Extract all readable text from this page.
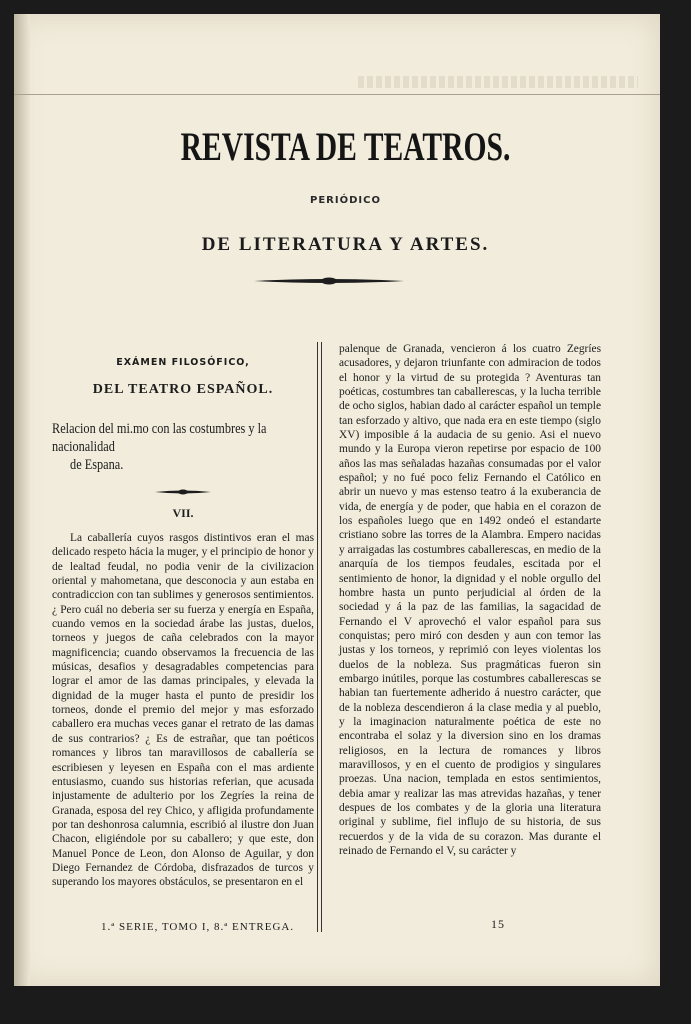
REVISTA DE TEATROS.
PERIÓDICO
DE LITERATURA Y ARTES.
EXÁMEN FILOSÓFICO,
DEL TEATRO ESPAÑOL.
Relacion del mi.mo con las costumbres y la nacionalidad
de Espana.
VII.

La caballería cuyos rasgos distintivos eran el mas delicado respeto hácia la muger, y el principio de honor y de lealtad feudal, no podia venir de la civilizacion oriental y mahometana, que desconocia y aun estaba en contradiccion con tan sublimes y generosos sentimientos. ¿ Pero cuál no deberia ser su fuerza y energía en España, cuando vemos en la sociedad árabe las justas, duelos, torneos y juegos de caña celebrados con la mayor magnificencia; cuando observamos la frecuencia de las músicas, desafios y desagradables competencias para lograr el amor de las damas principales, y elevada la dignidad de la muger hasta el punto de presidir los torneos, donde el premio del mejor y mas esforzado caballero era muchas veces ganar el retrato de las damas de sus contrarios? ¿ Es de estrañar, que tan poéticos romances y libros tan maravillosos de caballería se escribiesen y leyesen en España con el mas ardiente entusiasmo, cuando sus historias referian, que acusada injustamente de adulterio por los Zegríes la reina de Granada, esposa del rey Chico, y afligida profundamente por tan deshonrosa calumnia, escribió al ilustre don Juan Chacon, eligiéndole por su caballero; y que este, don Manuel Ponce de Leon, don Alonso de Aguilar, y don Diego Fernandez de Córdoba, disfrazados de turcos y superando los mayores obstáculos, se presentaron en el

palenque de Granada, vencieron á los cuatro Zegríes acusadores, y dejaron triunfante con admiracion de todos el honor y la virtud de su protegida ? Aventuras tan poéticas, costumbres tan caballerescas, y la lucha terrible de ocho siglos, habian dado al carácter español un temple tan esforzado y altivo, que nada era en este tiempo (siglo XV) imposible á la audacia de su genio. Asi el nuevo mundo y la Europa vieron repetirse por espacio de 100 años las mas señaladas hazañas consumadas por el valor español; y no fué poco feliz Fernando el Católico en abrir un nuevo y mas estenso teatro á la exuberancia de vida, de energía y de poder, que habia en el corazon de los españoles luego que en 1492 ondeó el estandarte cristiano sobre las torres de la Alambra. Empero nacidas y arraigadas las costumbres caballerescas, en medio de la anarquía de los tiempos feudales, escitada por el sentimiento de honor, la dignidad y el noble orgullo del hombre hasta un punto perjudicial al órden de la sociedad y á la paz de las familias, la sagacidad de Fernando el V aprovechó el valor español para sus conquistas; pero miró con desden y aun con temor las justas y los torneos, y reprimió con leyes violentas los duelos de la nobleza. Sus pragmáticas fueron sin embargo inútiles, porque las costumbres caballerescas se habian tan fuertemente adherido á nuestro carácter, que de la nobleza descendieron á la clase media y al pueblo, y la imaginacion naturalmente poética de este no encontraba el solaz y la diversion sino en los dramas religiosos, en la lectura de romances y libros maravillosos, y en el cuento de prodigios y singulares proezas. Una nacion, templada en estos sentimientos, debia amar y realizar las mas atrevidas hazañas, y tener despues de los combates y de la gloria una literatura original y sublime, fiel influjo de su historia, de sus recuerdos y de la vida de su corazon. Mas durante el reinado de Fernando el V, su carácter y

1.ª SERIE, TOMO I, 8.ª ENTREGA.	15
